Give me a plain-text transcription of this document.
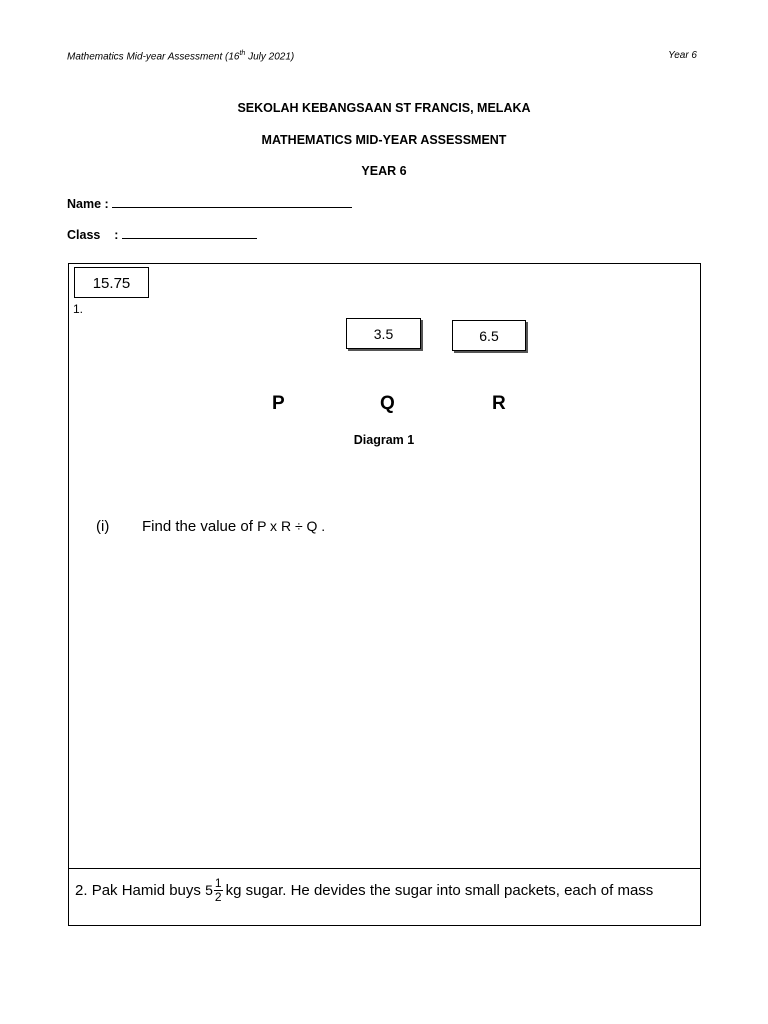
Mathematics Mid-year Assessment (16th July 2021)	Year 6
SEKOLAH KEBANGSAAN ST FRANCIS, MELAKA
MATHEMATICS MID-YEAR ASSESSMENT
YEAR 6
Name :
Class    :
15.75
1.
3.5	6.5
P	Q	R
Diagram 1
(i) Find the value of P x R ÷ Q .
2.
Pak Hamid buys
$5 \frac{1}{2}$ kg sugar. He devides the sugar into small packets, each of mass
